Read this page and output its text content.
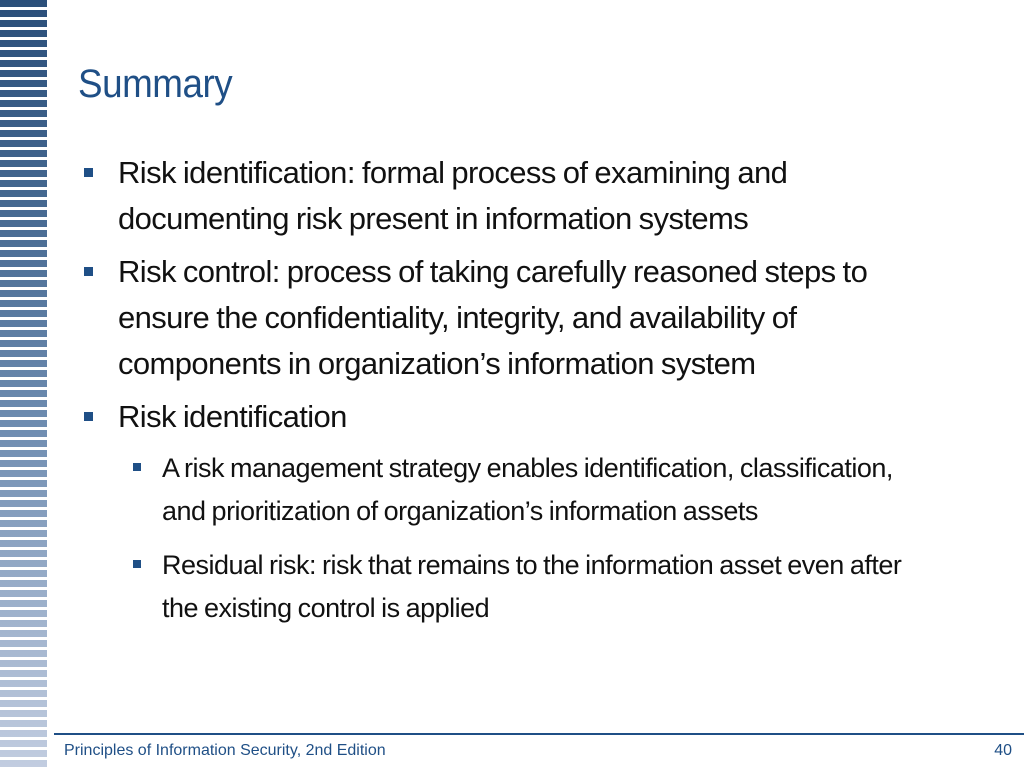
Summary
Risk identification: formal process of examining and documenting risk present in information systems
Risk control: process of taking carefully reasoned steps to ensure the confidentiality, integrity, and availability of components in organization’s information system
Risk identification
A risk management strategy enables identification, classification, and prioritization of organization’s information assets
Residual risk: risk that remains to the information asset even after the existing control is applied
Principles of Information Security, 2nd Edition	40
